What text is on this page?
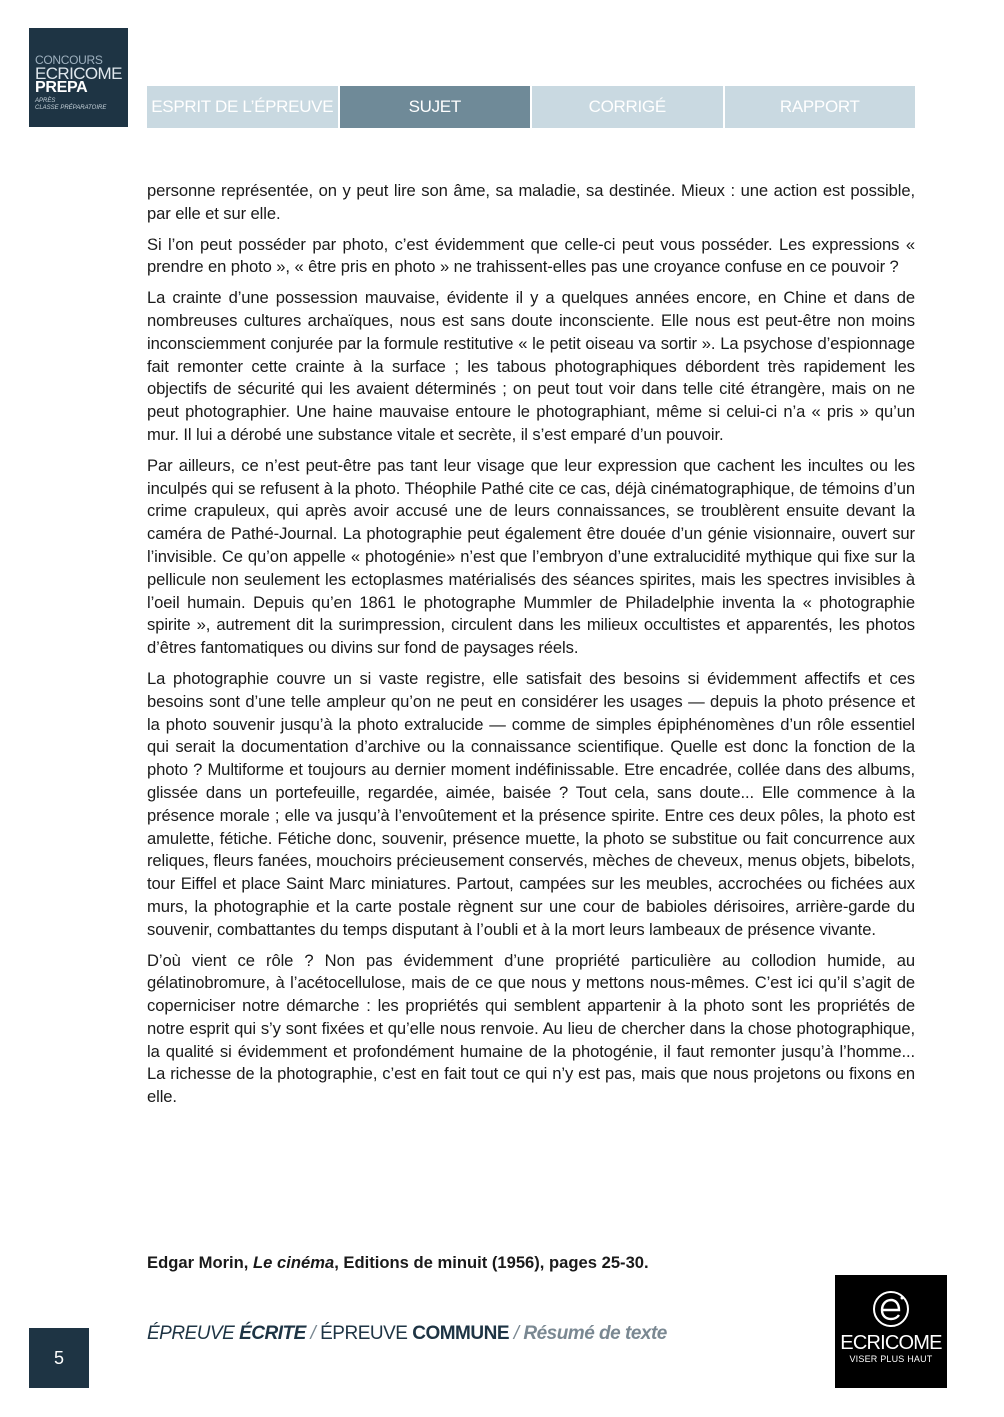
CONCOURS
ECRICOME
PREPA
APRÈS
CLASSE PRÉPARATOIRE	ESPRIT DE L’ÉPREUVE	SUJET	CORRIGÉ	RAPPORT

personne représentée, on y peut lire son âme, sa maladie, sa destinée. Mieux : une action est possible, par elle et sur elle.

Si l’on peut posséder par photo, c’est évidemment que celle-ci peut vous posséder. Les expressions « prendre en photo », « être pris en photo » ne trahissent-elles pas une croyance confuse en ce pouvoir ?

La crainte d’une possession mauvaise, évidente il y a quelques années encore, en Chine et dans de nombreuses cultures archaïques, nous est sans doute inconsciente. Elle nous est peut-être non moins inconsciemment conjurée par la formule restitutive « le petit oiseau va sortir ». La psychose d’espionnage fait remonter cette crainte à la surface ; les tabous photographiques débordent très rapidement les objectifs de sécurité qui les avaient déterminés ; on peut tout voir dans telle cité étrangère, mais on ne peut photographier. Une haine mauvaise entoure le photographiant, même si celui-ci n’a « pris » qu’un mur. Il lui a dérobé une substance vitale et secrète, il s’est emparé d’un pouvoir.

Par ailleurs, ce n’est peut-être pas tant leur visage que leur expression que cachent les incultes ou les inculpés qui se refusent à la photo. Théophile Pathé cite ce cas, déjà cinématographique, de témoins d’un crime crapuleux, qui après avoir accusé une de leurs connaissances, se troublèrent ensuite devant la caméra de Pathé-Journal. La photographie peut également être douée d’un génie visionnaire, ouvert sur l’invisible. Ce qu’on appelle « photogénie» n’est que l’embryon d’une extralucidité mythique qui fixe sur la pellicule non seulement les ectoplasmes matérialisés des séances spirites, mais les spectres invisibles à l’oeil humain. Depuis qu’en 1861 le photographe Mummler de Philadelphie inventa la « photographie spirite », autrement dit la surimpression, circulent dans les milieux occultistes et apparentés, les photos d’êtres fantomatiques ou divins sur fond de paysages réels.

La photographie couvre un si vaste registre, elle satisfait des besoins si évidemment affectifs et ces besoins sont d’une telle ampleur qu’on ne peut en considérer les usages — depuis la photo présence et la photo souvenir jusqu’à la photo extralucide — comme de simples épiphénomènes d’un rôle essentiel qui serait la documentation d’archive ou la connaissance scientifique. Quelle est donc la fonction de la photo ? Multiforme et toujours au dernier moment indéfinissable. Etre encadrée, collée dans des albums, glissée dans un portefeuille, regardée, aimée, baisée ? Tout cela, sans doute... Elle commence à la présence morale ; elle va jusqu’à l’envoûtement et la présence spirite. Entre ces deux pôles, la photo est amulette, fétiche. Fétiche donc, souvenir, présence muette, la photo se substitue ou fait concurrence aux reliques, fleurs fanées, mouchoirs précieusement conservés, mèches de cheveux, menus objets, bibelots, tour Eiffel et place Saint Marc miniatures. Partout, campées sur les meubles, accrochées ou fichées aux murs, la photographie et la carte postale règnent sur une cour de babioles dérisoires, arrière-garde du souvenir, combattantes du temps disputant à l’oubli et à la mort leurs lambeaux de présence vivante.

D’où vient ce rôle ? Non pas évidemment d’une propriété particulière au collodion humide, au gélatinobromure, à l’acétocellulose, mais de ce que nous y mettons nous-mêmes. C’est ici qu’il s’agit de coperniciser notre démarche : les propriétés qui semblent appartenir à la photo sont les propriétés de notre esprit qui s’y sont fixées et qu’elle nous renvoie. Au lieu de chercher dans la chose photographique, la qualité si évidemment et profondément humaine de la photogénie, il faut remonter jusqu’à l’homme... La richesse de la photographie, c’est en fait tout ce qui n’y est pas, mais que nous projetons ou fixons en elle.

Edgar Morin, Le cinéma, Editions de minuit (1956), pages 25-30.
5
ÉPREUVE ÉCRITE / ÉPREUVE COMMUNE / Résumé de texte	ECRICOME
VISER PLUS HAUT
